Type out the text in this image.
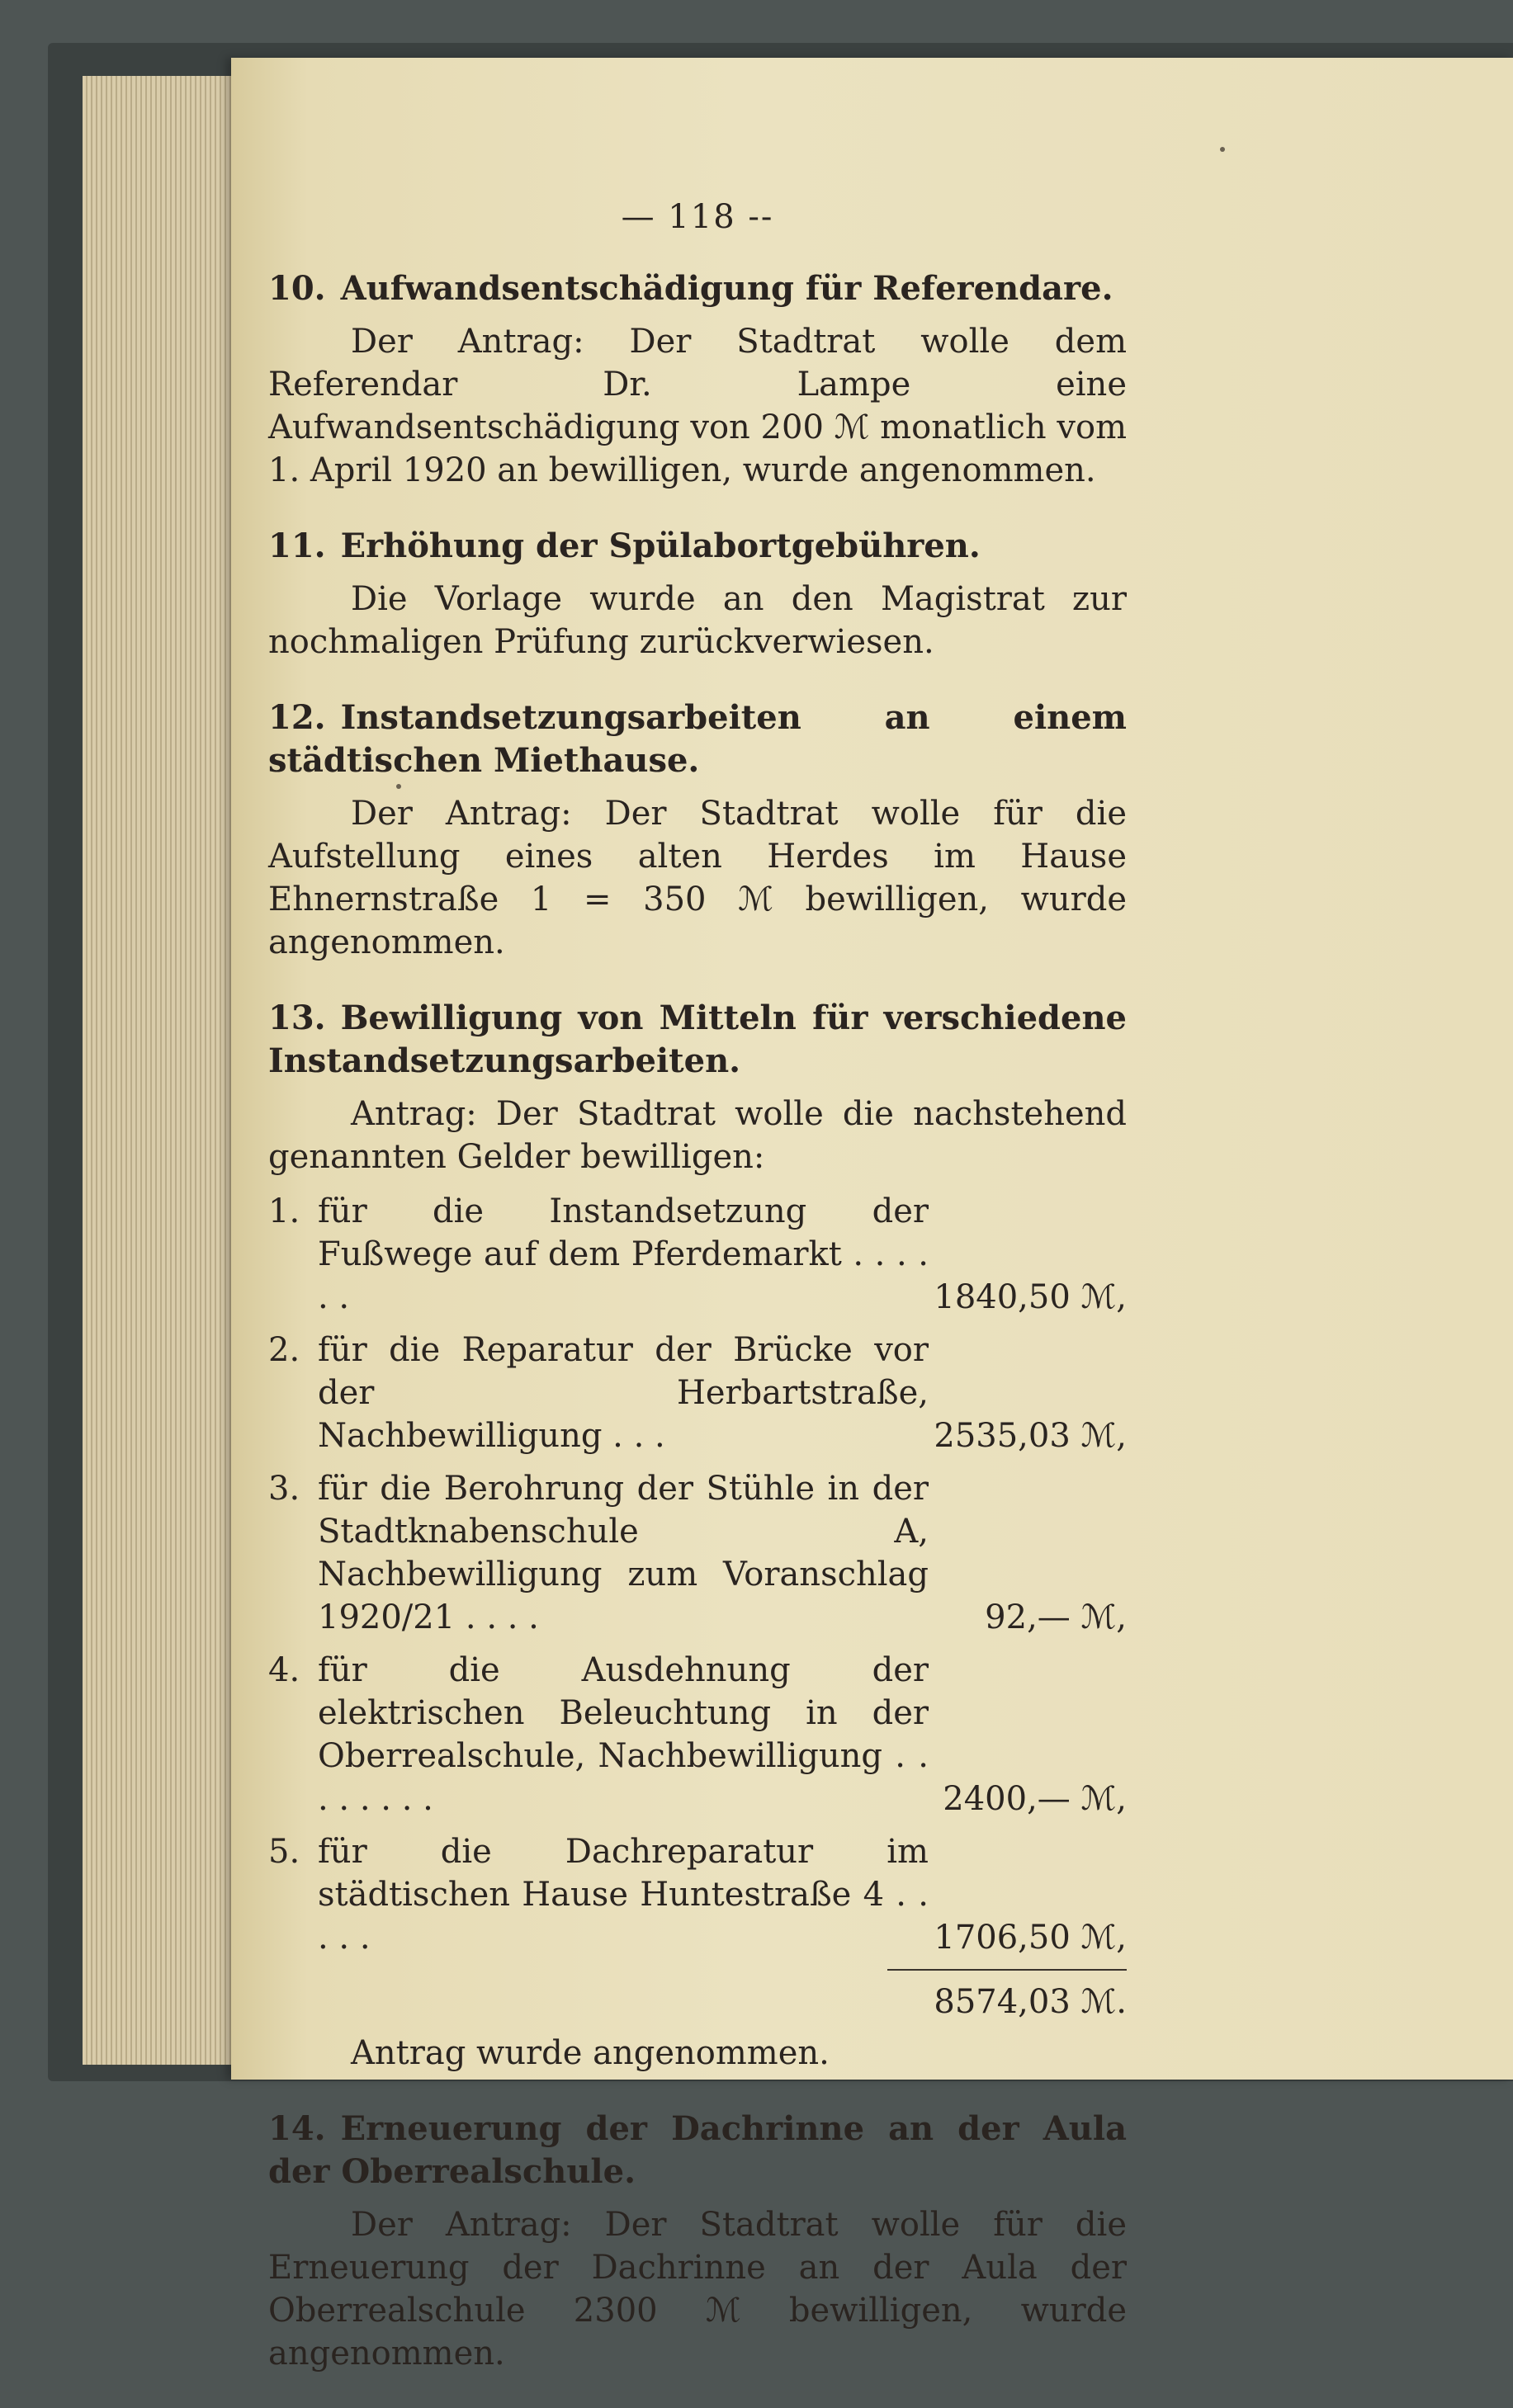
— 118 --

10. Aufwandsentschädigung für Referendare.

Der Antrag: Der Stadtrat wolle dem Referendar Dr. Lampe eine Aufwandsentschädigung von 200 ℳ monatlich vom 1. April 1920 an bewilligen, wurde angenommen.

11. Erhöhung der Spülabortgebühren.

Die Vorlage wurde an den Magistrat zur nochmaligen Prüfung zurückverwiesen.

12. Instandsetzungsarbeiten an einem städtischen Miethause.

Der Antrag: Der Stadtrat wolle für die Aufstellung eines alten Herdes im Hause Ehnernstraße 1 = 350 ℳ bewilligen, wurde angenommen.

13. Bewilligung von Mitteln für verschiedene Instandsetzungsarbeiten.

Antrag: Der Stadtrat wolle die nachstehend genannten Gelder bewilligen:

1. für die Instandsetzung der Fußwege auf dem Pferdemarkt . . . . . .	1840,50 ℳ,
2. für die Reparatur der Brücke vor der Herbartstraße, Nachbewilligung . . .	2535,03 ℳ,
3. für die Berohrung der Stühle in der Stadtknabenschule A, Nachbewilligung zum Voranschlag 1920/21 . . . .	92,— ℳ,
4. für die Ausdehnung der elektrischen Beleuchtung in der Oberrealschule, Nachbewilligung . . . . . . . .	2400,— ℳ,
5. für die Dachreparatur im städtischen Hause Huntestraße 4 . . . . .	1706,50 ℳ,
8574,03 ℳ.

Antrag wurde angenommen.

14. Erneuerung der Dachrinne an der Aula der Oberrealschule.

Der Antrag: Der Stadtrat wolle für die Erneuerung der Dachrinne an der Aula der Oberrealschule 2300 ℳ bewilligen, wurde angenommen.
